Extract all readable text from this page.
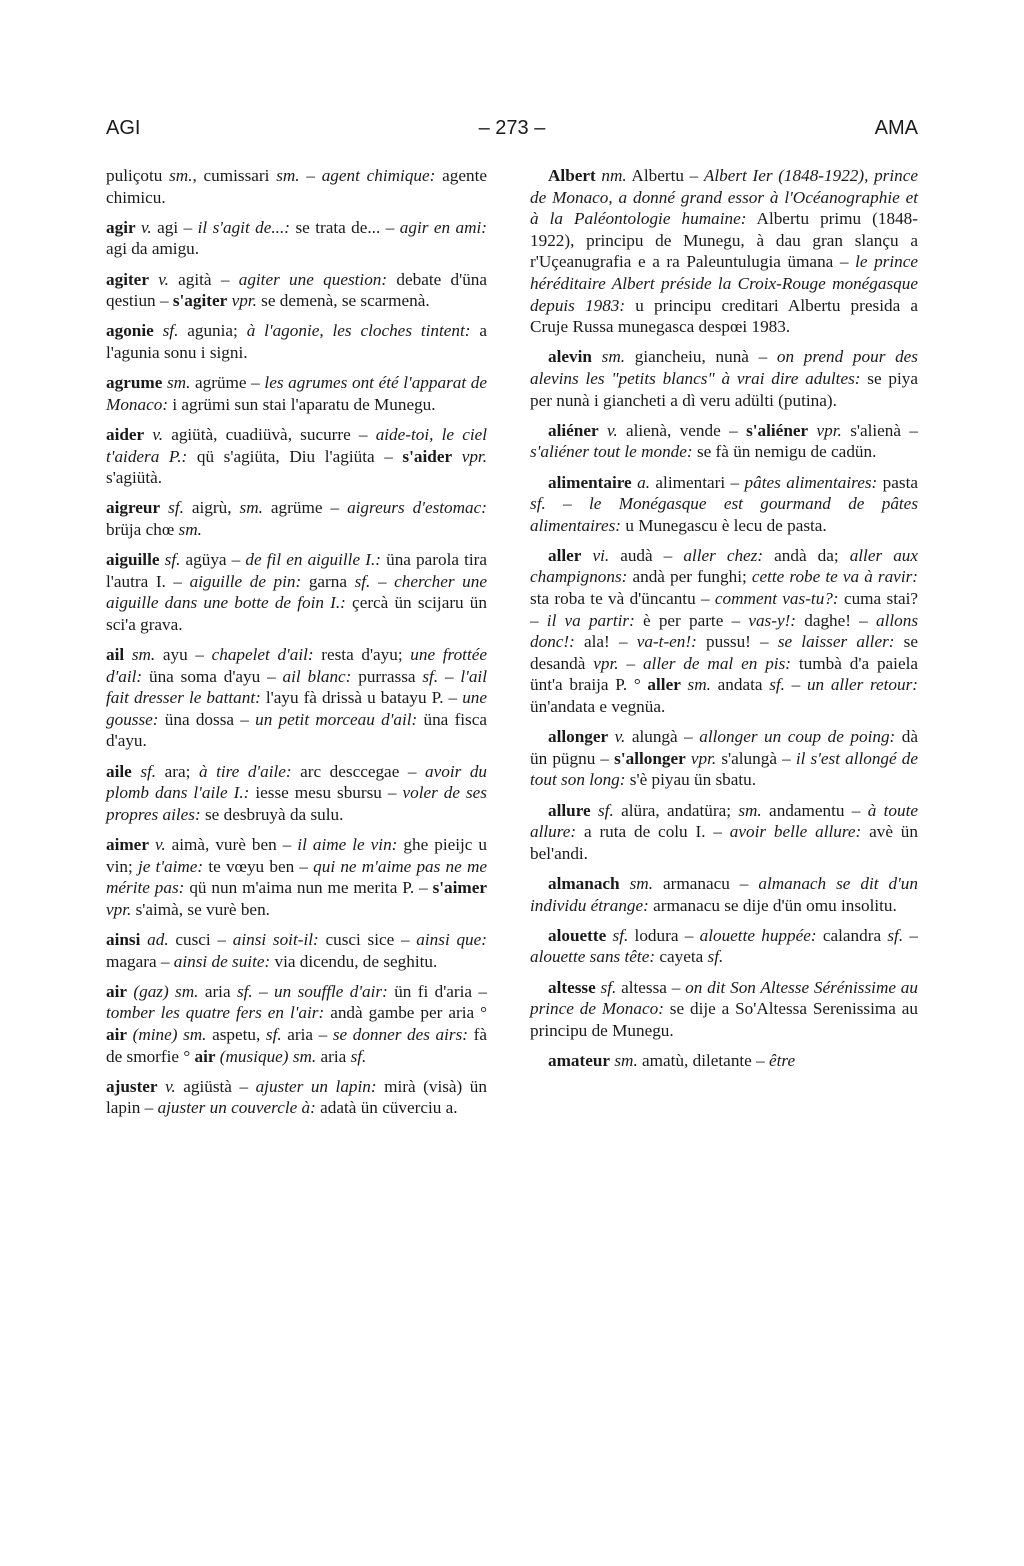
AGI	– 273 –	AMA

puliçotu sm., cumissari sm. – agent chimique: agente chimicu.

agir v. agi – il s'agit de...: se trata de... – agir en ami: agi da amigu.

agiter v. agità – agiter une question: debate d'üna qestiun – s'agiter vpr. se demenà, se scarmenà.

agonie sf. agunia; à l'agonie, les cloches tintent: a l'agunia sonu i signi.

agrume sm. agrüme – les agrumes ont été l'apparat de Monaco: i agrümi sun stai l'aparatu de Munegu.

aider v. agiütà, cuadiüvà, sucurre – aide-toi, le ciel t'aidera P.: qü s'agiüta, Diu l'agiüta – s'aider vpr. s'agiütà.

aigreur sf. aigrù, sm. agrüme – aigreurs d'estomac: brüja chœ sm.

aiguille sf. agüya – de fil en aiguille I.: üna parola tira l'autra I. – aiguille de pin: garna sf. – chercher une aiguille dans une botte de foin I.: çercà ün scijaru ün sci'a grava.

ail sm. ayu – chapelet d'ail: resta d'ayu; une frottée d'ail: üna soma d'ayu – ail blanc: purrassa sf. – l'ail fait dresser le battant: l'ayu fà drissà u batayu P. – une gousse: üna dossa – un petit morceau d'ail: üna fisca d'ayu.

aile sf. ara; à tire d'aile: arc desccegae – avoir du plomb dans l'aile I.: iesse mesu sbursu – voler de ses propres ailes: se desbruyà da sulu.

aimer v. aimà, vurè ben – il aime le vin: ghe pieijc u vin; je t'aime: te vœyu ben – qui ne m'aime pas ne me mérite pas: qü nun m'aima nun me merita P. – s'aimer vpr. s'aimà, se vurè ben.

ainsi ad. cusci – ainsi soit-il: cusci sice – ainsi que: magara – ainsi de suite: via dicendu, de seghitu.

air (gaz) sm. aria sf. – un souffle d'air: ün fi d'aria – tomber les quatre fers en l'air: andà gambe per aria ° air (mine) sm. aspetu, sf. aria – se donner des airs: fà de smorfie ° air (musique) sm. aria sf.

ajuster v. agiüstà – ajuster un lapin: mirà (visà) ün lapin – ajuster un couvercle à: adatà ün cüverciu a.

Albert nm. Albertu – Albert Ier (1848-1922), prince de Monaco, a donné grand essor à l'Océanographie et à la Paléontologie humaine: Albertu primu (1848-1922), principu de Munegu, à dau gran slançu a r'Uçeanugrafia e a ra Paleuntulugia ümana – le prince héréditaire Albert préside la Croix-Rouge monégasque depuis 1983: u principu creditari Albertu presida a Cruje Russa munegasca despœi 1983.

alevin sm. giancheiu, nunà – on prend pour des alevins les "petits blancs" à vrai dire adultes: se piya per nunà i giancheti a dì veru adülti (putina).

aliéner v. alienà, vende – s'aliéner vpr. s'alienà – s'aliéner tout le monde: se fà ün nemigu de cadün.

alimentaire a. alimentari – pâtes alimentaires: pasta sf. – le Monégasque est gourmand de pâtes alimentaires: u Munegascu è lecu de pasta.

aller vi. audà – aller chez: andà da; aller aux champignons: andà per funghi; cette robe te va à ravir: sta roba te và d'üncantu – comment vas-tu?: cuma stai? – il va partir: è per parte – vas-y!: daghe! – allons donc!: ala! – va-t-en!: pussu! – se laisser aller: se desandà vpr. – aller de mal en pis: tumbà d'a paiela ünt'a braija P. ° aller sm. andata sf. – un aller retour: ün'andata e vegnüa.

allonger v. alungà – allonger un coup de poing: dà ün pügnu – s'allonger vpr. s'alungà – il s'est allongé de tout son long: s'è piyau ün sbatu.

allure sf. alüra, andatüra; sm. andamentu – à toute allure: a ruta de colu I. – avoir belle allure: avè ün bel'andi.

almanach sm. armanacu – almanach se dit d'un individu étrange: armanacu se dije d'ün omu insolitu.

alouette sf. lodura – alouette huppée: calandra sf. – alouette sans tête: cayeta sf.

altesse sf. altessa – on dit Son Altesse Sérénissime au prince de Monaco: se dije a So'Altessa Serenissima au principu de Munegu.

amateur sm. amatù, diletante – être
